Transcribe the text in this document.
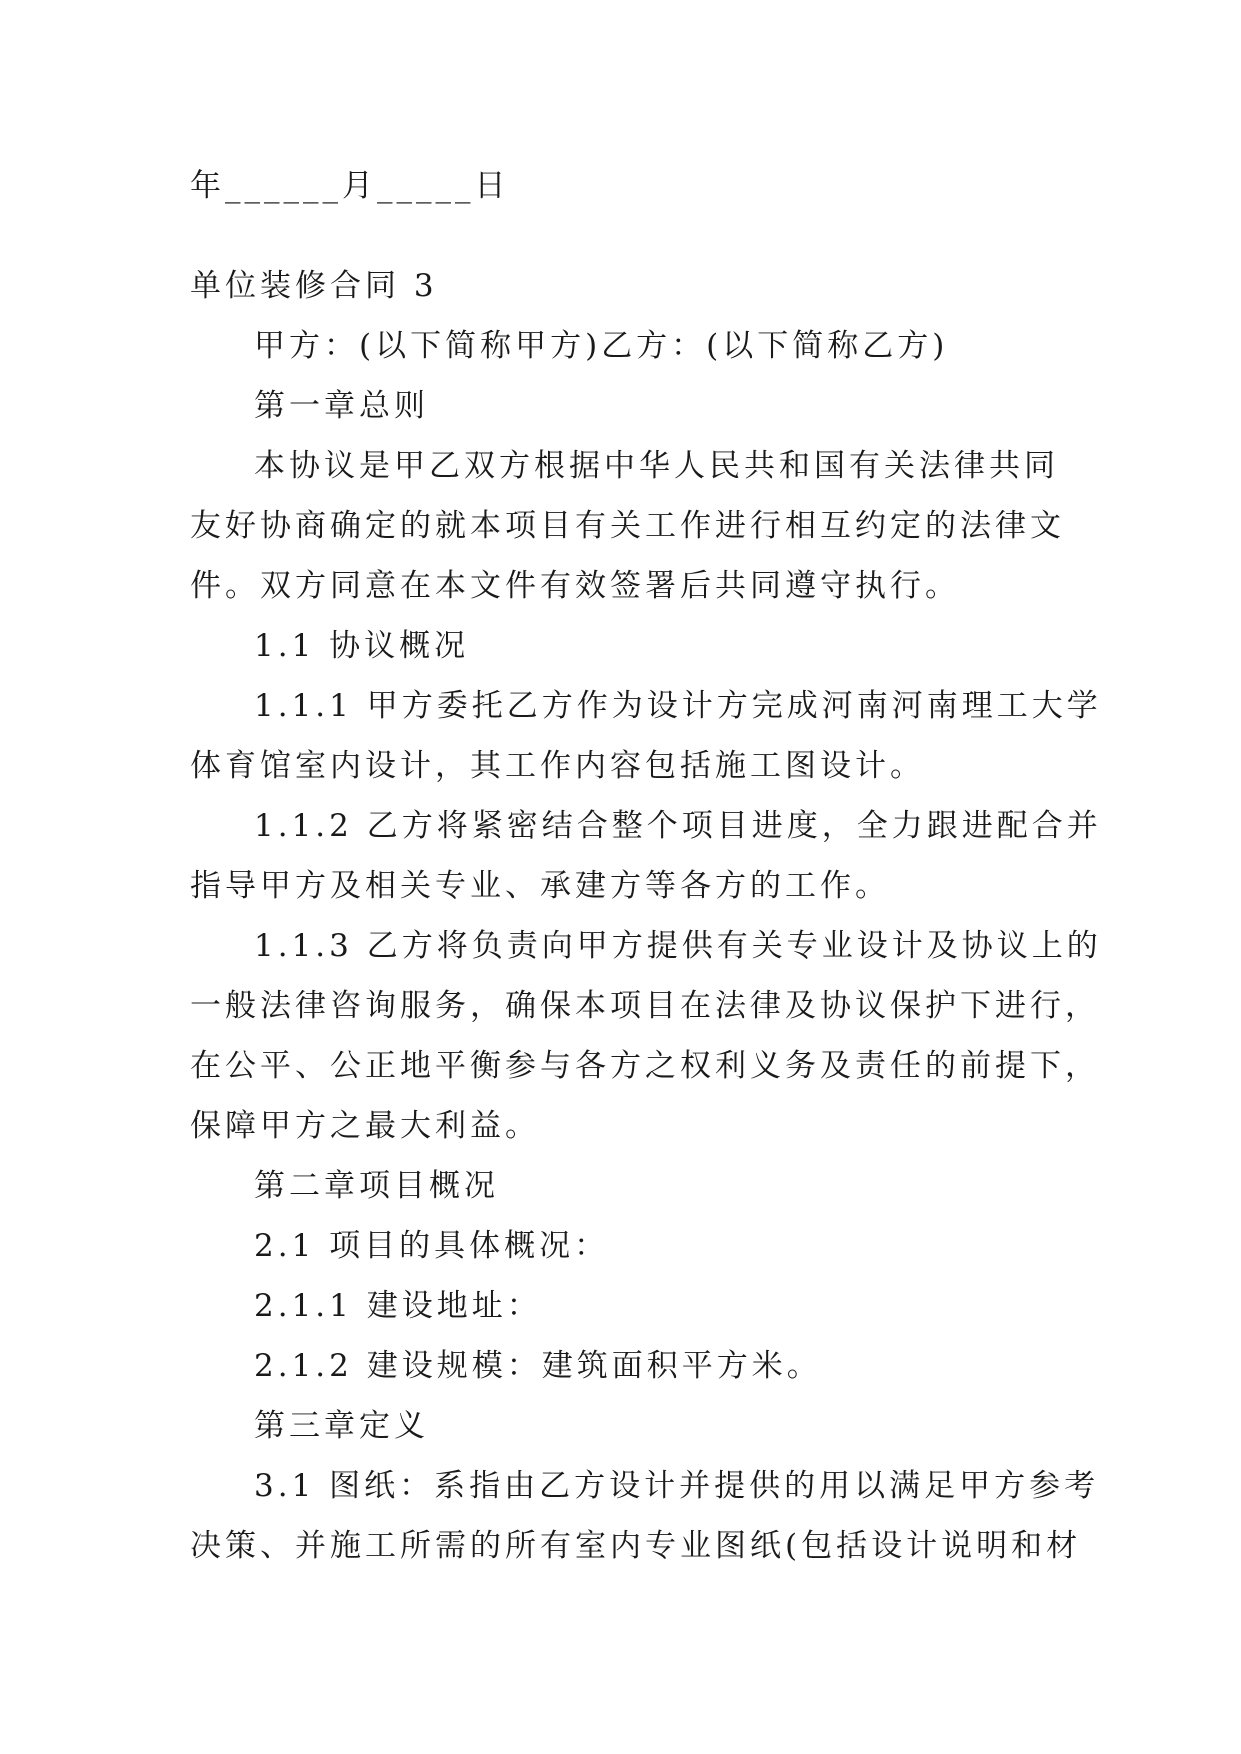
年______月_____日
单位装修合同 3
甲方：(以下简称甲方)乙方：(以下简称乙方)
第一章总则
本协议是甲乙双方根据中华人民共和国有关法律共同
友好协商确定的就本项目有关工作进行相互约定的法律文
件。双方同意在本文件有效签署后共同遵守执行。
1.1 协议概况
1.1.1 甲方委托乙方作为设计方完成河南河南理工大学
体育馆室内设计，其工作内容包括施工图设计。
1.1.2 乙方将紧密结合整个项目进度，全力跟进配合并
指导甲方及相关专业、承建方等各方的工作。
1.1.3 乙方将负责向甲方提供有关专业设计及协议上的
一般法律咨询服务，确保本项目在法律及协议保护下进行，
在公平、公正地平衡参与各方之权利义务及责任的前提下，
保障甲方之最大利益。
第二章项目概况
2.1 项目的具体概况：
2.1.1 建设地址：
2.1.2 建设规模：建筑面积平方米。
第三章定义
3.1 图纸：系指由乙方设计并提供的用以满足甲方参考
决策、并施工所需的所有室内专业图纸(包括设计说明和材
